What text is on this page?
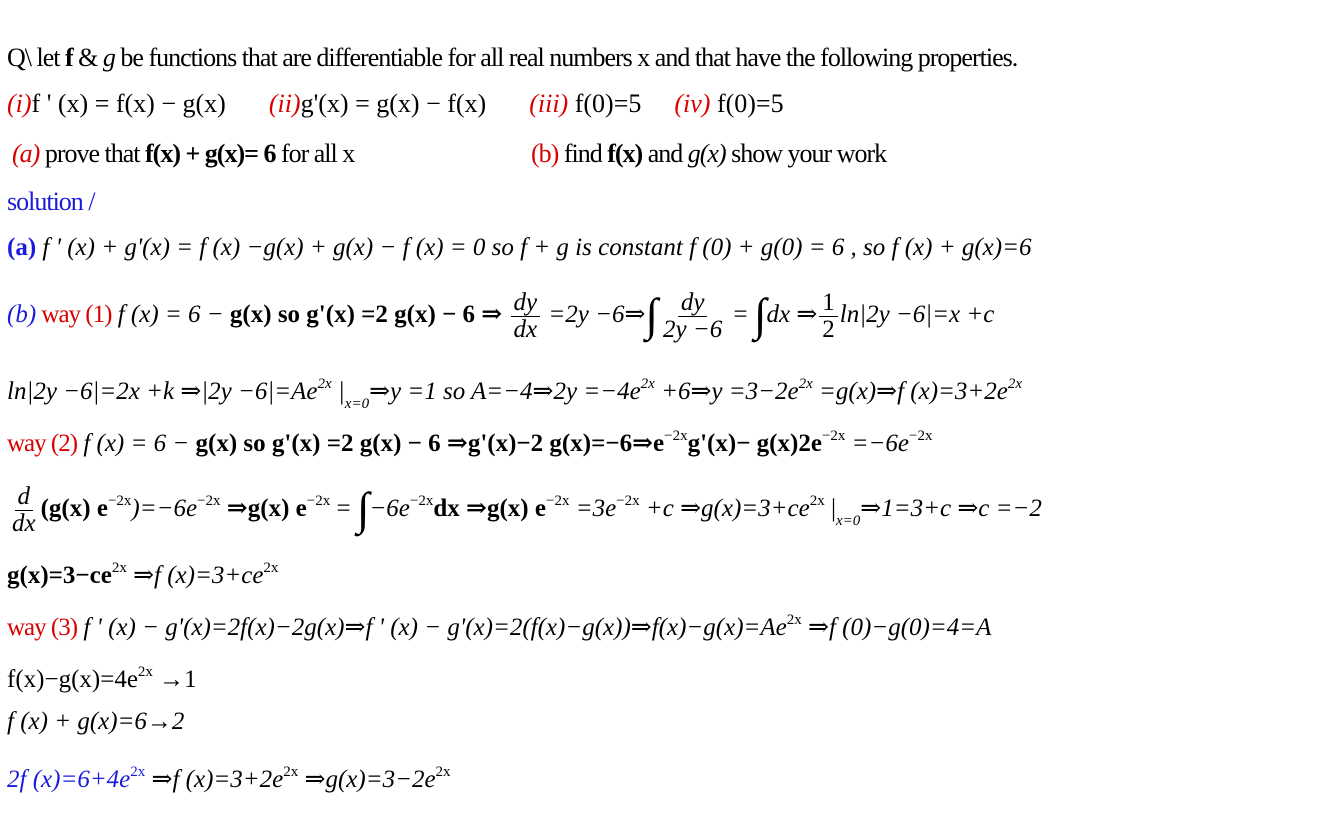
Q\ let f & g be functions that are differentiable for all real numbers x and that have the following properties.
(i)f ' (x) = f(x) − g(x) (ii)g'(x) = g(x) − f(x) (iii) f(0)=5 (iv) f(0)=5
(a) prove that f(x) + g(x)= 6 for all x	(b) find f(x) and g(x) show your work
solution /
(a) f ' (x) + g'(x) = f (x) −g(x) + g(x) − f (x) = 0 so f + g is constant f (0) + g(0) = 6 , so f (x) + g(x)=6
(b) way (1) f (x) = 6 − g(x) so g'(x) =2 g(x) − 6 ⇒ $\frac{dy}{dx} =2y$ −6⇒∫ $\frac{dy}{2y -6} = \int dx$ ⇒ $\frac{1}{2} \ln|2y -6|=x +c$
ln|2y −6|=2x +k ⇒|2y $-6|=Ae^{2x}$ $|_{x=0}\Rightarrow y =1$ so A=−4⇒2y $=-4e^{2x}$ +6⇒y $=3-2e^{2x}$ =g(x)⇒f $(x)=3+2e^{2x}$
way (2) f (x) = 6 − g(x) so g'(x) =2 g(x) − 6 ⇒g'(x)−2 $g(x)=-6\Rightarrow e^{-2x}g'(x)- g(x)2e^{-2x} =-6e^{-2x}$
$\frac{d}{dx} (g(x)$ $e^{-2x})=-6e^{-2x}$ ⇒g(x) $e^{-2x} = \int-6e^{-2x}dx$ ⇒g(x) $e^{-2x} =3e^{-2x} +c$ $\Rightarrow g(x)=3+ce^{2x}$ $|_{x=0}\Rightarrow 1=3+c$ ⇒c =−2
$g(x)=3-ce^{2x}$ ⇒f $(x)=3+ce^{2x}$
way (3) f ' (x) − g'(x)=2f(x)−2g(x)⇒f ' $(x) - g'(x)=2(f(x)-g(x))\Rightarrow f(x)-g(x)=Ae^{2x}$ ⇒f (0)−g(0)=4=A
$f(x)-g(x)=4e^{2x} \to 1$
f (x) + g(x)=6→2
2f $(x)=6+4e^{2x}$ ⇒f $(x)=3+2e^{2x}$ $\Rightarrow g(x)=3-2e^{2x}$
